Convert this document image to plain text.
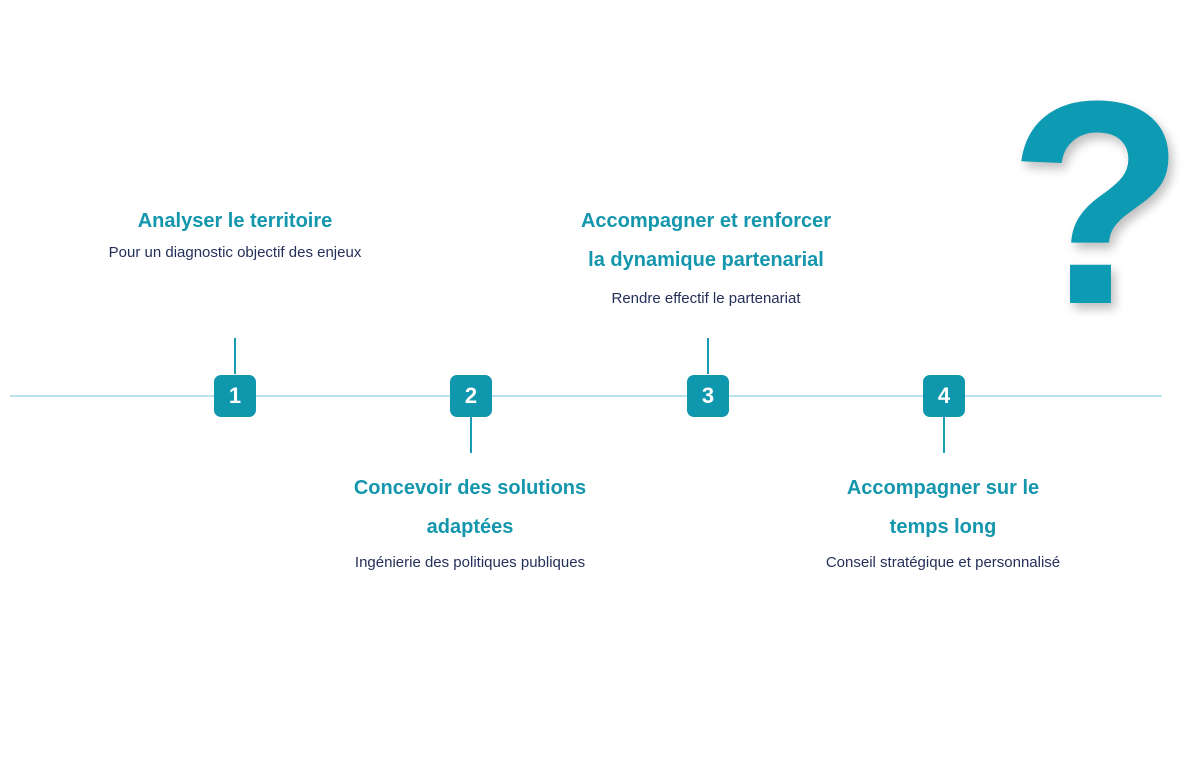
Analyser le territoire
Pour un diagnostic objectif des enjeux
1	2
Concevoir des solutions
adaptées
Ingénierie des politiques publiques
Accompagner et renforcer
la dynamique partenarial
Rendre effectif le partenariat
3	4
Accompagner sur le
temps long
Conseil stratégique et personnalisé
?
